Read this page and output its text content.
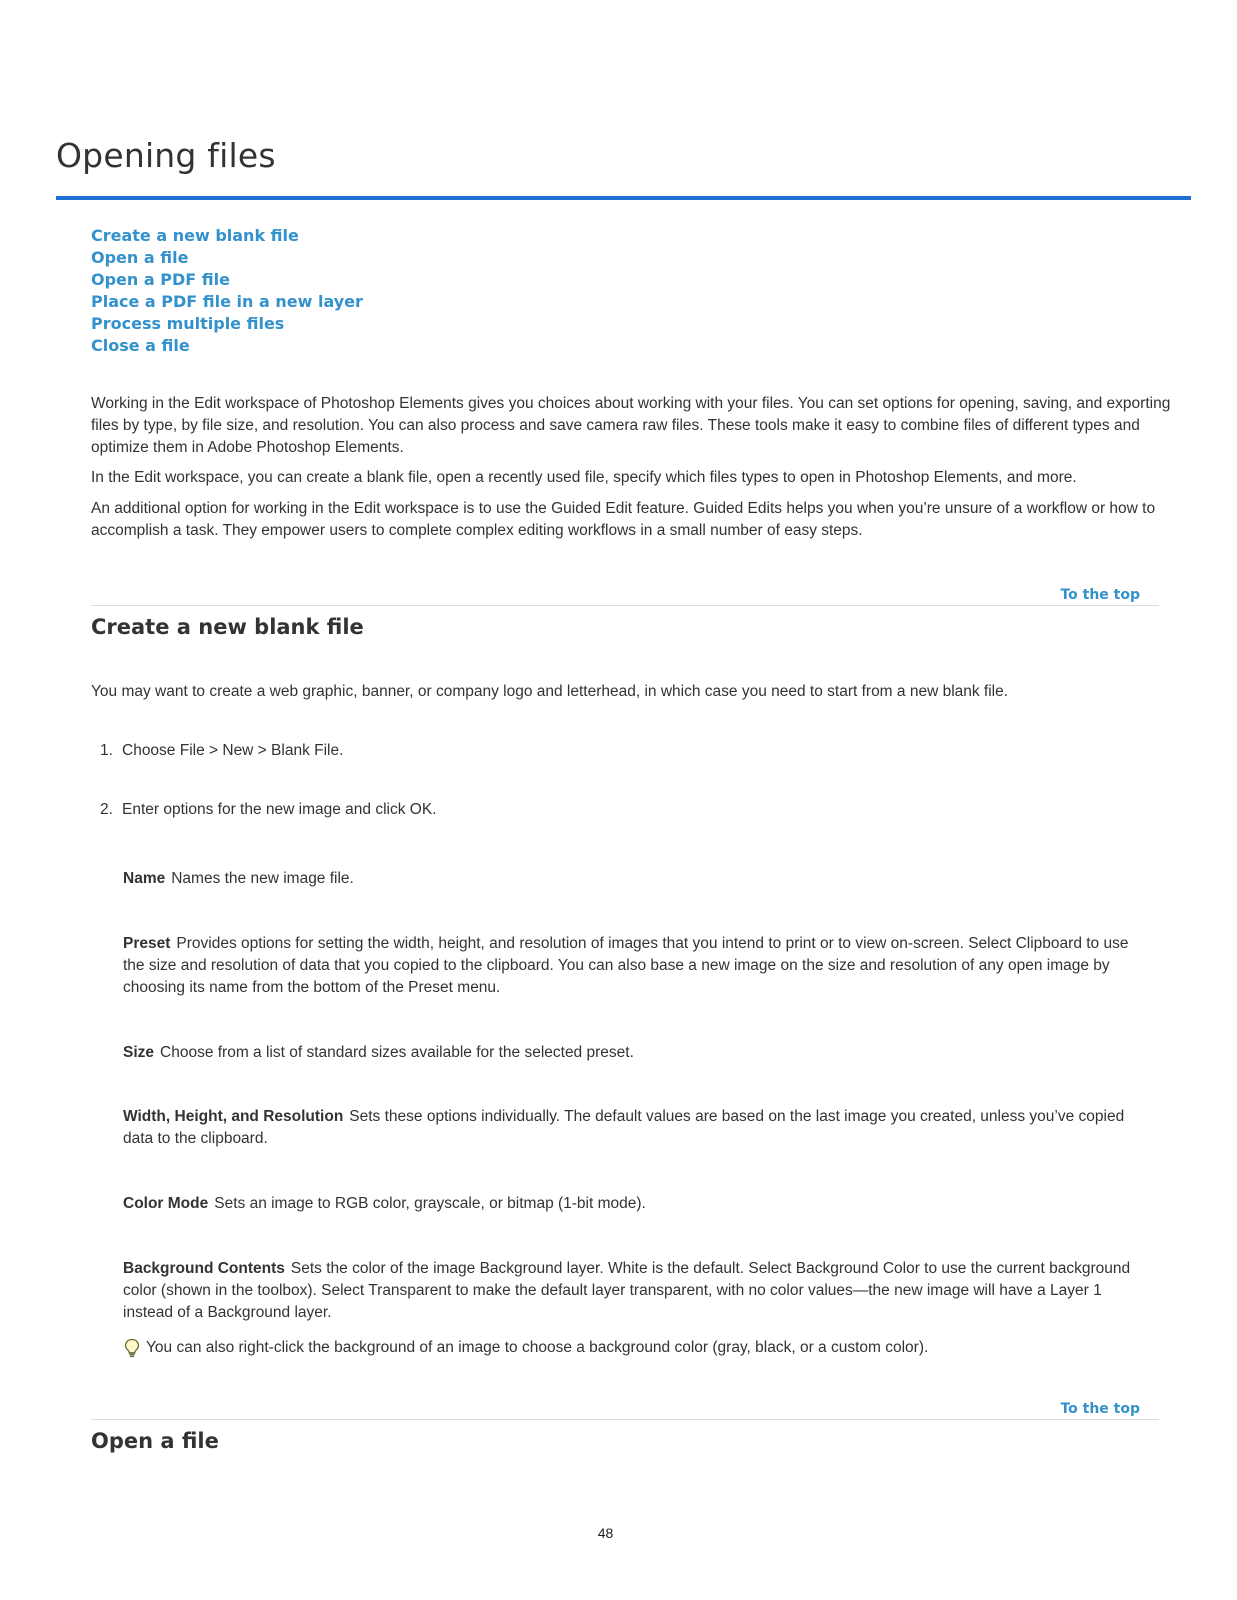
Opening files
Create a new blank file
Open a file
Open a PDF file
Place a PDF file in a new layer
Process multiple files
Close a file

Working in the Edit workspace of Photoshop Elements gives you choices about working with your files. You can set options for opening, saving, and exporting files by type, by file size, and resolution. You can also process and save camera raw files. These tools make it easy to combine files of different types and optimize them in Adobe Photoshop Elements.

In the Edit workspace, you can create a blank file, open a recently used file, specify which files types to open in Photoshop Elements, and more.

An additional option for working in the Edit workspace is to use the Guided Edit feature. Guided Edits helps you when you’re unsure of a workflow or how to accomplish a task. They empower users to complete complex editing workflows in a small number of easy steps.

To the top
Create a new blank file

You may want to create a web graphic, banner, or company logo and letterhead, in which case you need to start from a new blank file.

1. Choose File > New > Blank File.
2. Enter options for the new image and click OK.

Name Names the new image file.

Preset Provides options for setting the width, height, and resolution of images that you intend to print or to view on-screen. Select Clipboard to use the size and resolution of data that you copied to the clipboard. You can also base a new image on the size and resolution of any open image by choosing its name from the bottom of the Preset menu.

Size Choose from a list of standard sizes available for the selected preset.

Width, Height, and Resolution Sets these options individually. The default values are based on the last image you created, unless you’ve copied data to the clipboard.

Color Mode Sets an image to RGB color, grayscale, or bitmap (1-bit mode).

Background Contents Sets the color of the image Background layer. White is the default. Select Background Color to use the current background color (shown in the toolbox). Select Transparent to make the default layer transparent, with no color values—the new image will have a Layer 1 instead of a Background layer.

You can also right-click the background of an image to choose a background color (gray, black, or a custom color).
To the top
Open a file
48
